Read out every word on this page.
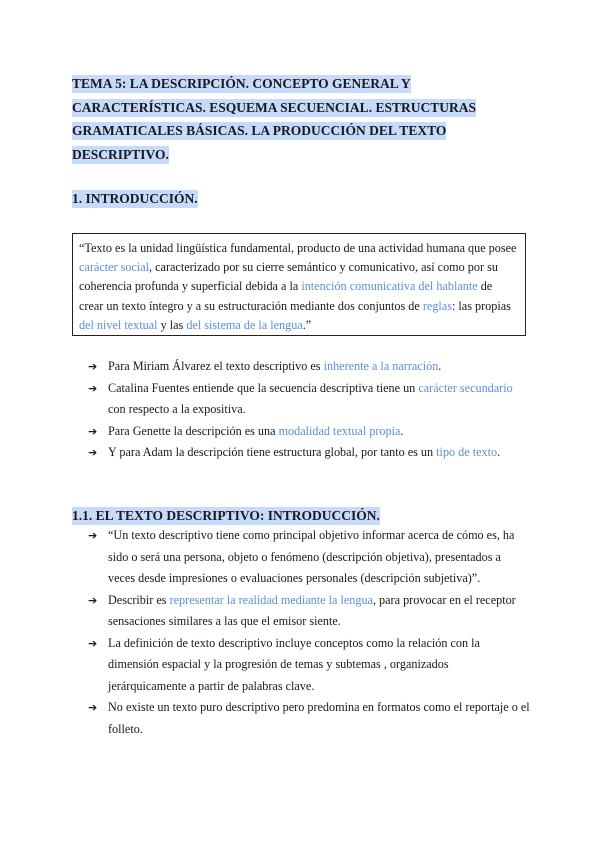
TEMA 5: LA DESCRIPCIÓN. CONCEPTO GENERAL Y CARACTERÍSTICAS. ESQUEMA SECUENCIAL. ESTRUCTURAS GRAMATICALES BÁSICAS. LA PRODUCCIÓN DEL TEXTO DESCRIPTIVO.
1. INTRODUCCIÓN.
“Texto es la unidad lingüística fundamental, producto de una actividad humana que posee carácter social, caracterizado por su cierre semántico y comunicativo, así como por su coherencia profunda y superficial debida a la intención comunicativa del hablante de crear un texto íntegro y a su estructuración mediante dos conjuntos de reglas: las propias del nivel textual y las del sistema de la lengua.”
➔ Para Miriam Álvarez el texto descriptivo es inherente a la narración.
➔ Catalina Fuentes entiende que la secuencia descriptiva tiene un carácter secundario con respecto a la expositiva.
➔ Para Genette la descripción es una modalidad textual propia.
➔ Y para Adam la descripción tiene estructura global, por tanto es un tipo de texto.
1.1. EL TEXTO DESCRIPTIVO: INTRODUCCIÓN.
➔ “Un texto descriptivo tiene como principal objetivo informar acerca de cómo es, ha sido o será una persona, objeto o fenómeno (descripción objetiva), presentados a veces desde impresiones o evaluaciones personales (descripción subjetiva)”.
➔ Describir es representar la realidad mediante la lengua, para provocar en el receptor sensaciones similares a las que el emisor siente.
➔ La definición de texto descriptivo incluye conceptos como la relación con la dimensión espacial y la progresión de temas y subtemas , organizados jerárquicamente a partir de palabras clave.
➔ No existe un texto puro descriptivo pero predomina en formatos como el reportaje o el folleto.
